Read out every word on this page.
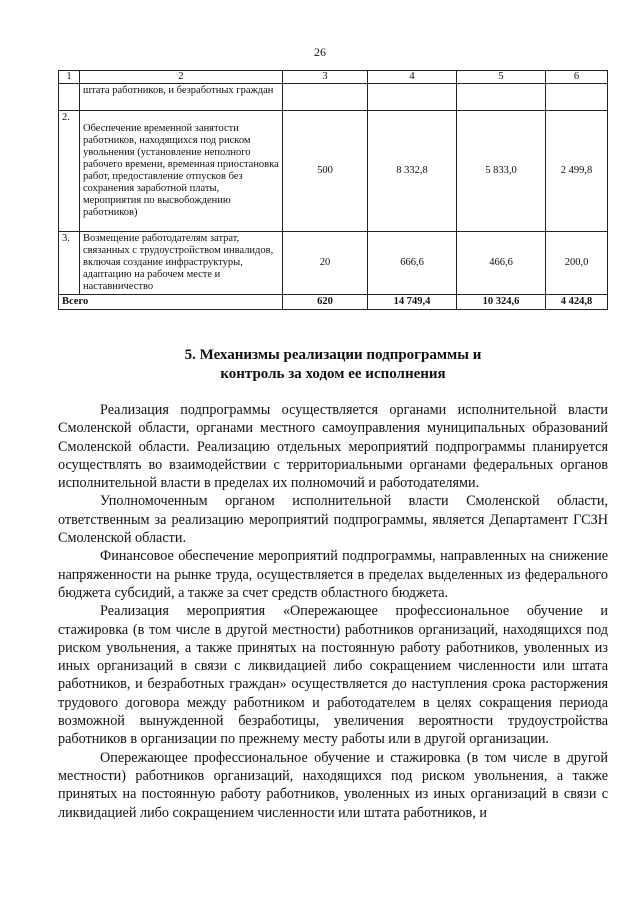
26
1	2	3	4	5	6
	штата работников, и безработных граждан				
2.	Обеспечение временной занятости работников, находящихся под риском увольнения (установление неполного рабочего времени, временная приостановка работ, предоставление отпусков без сохранения заработной платы, мероприятия по высвобождению работников)	500	8 332,8	5 833,0	2 499,8
3.	Возмещение работодателям затрат, связанных с трудоустройством инвалидов, включая создание инфраструктуры, адаптацию на рабочем месте и наставничество	20	666,6	466,6	200,0
Всего		620	14 749,4	10 324,6	4 424,8
5. Механизмы реализации подпрограммы и
контроль за ходом ее исполнения

Реализация подпрограммы осуществляется органами исполнительной власти Смоленской области, органами местного самоуправления муниципальных образований Смоленской области. Реализацию отдельных мероприятий подпрограммы планируется осуществлять во взаимодействии с территориальными органами федеральных органов исполнительной власти в пределах их полномочий и работодателями.

Уполномоченным органом исполнительной власти Смоленской области, ответственным за реализацию мероприятий подпрограммы, является Департамент ГСЗН Смоленской области.

Финансовое обеспечение мероприятий подпрограммы, направленных на снижение напряженности на рынке труда, осуществляется в пределах выделенных из федерального бюджета субсидий, а также за счет средств областного бюджета.

Реализация мероприятия «Опережающее профессиональное обучение и стажировка (в том числе в другой местности) работников организаций, находящихся под риском увольнения, а также принятых на постоянную работу работников, уволенных из иных организаций в связи с ликвидацией либо сокращением численности или штата работников, и безработных граждан» осуществляется до наступления срока расторжения трудового договора между работником и работодателем в целях сокращения периода возможной вынужденной безработицы, увеличения вероятности трудоустройства работников в организации по прежнему месту работы или в другой организации.

Опережающее профессиональное обучение и стажировка (в том числе в другой местности) работников организаций, находящихся под риском увольнения, а также принятых на постоянную работу работников, уволенных из иных организаций в связи с ликвидацией либо сокращением численности или штата работников, и
